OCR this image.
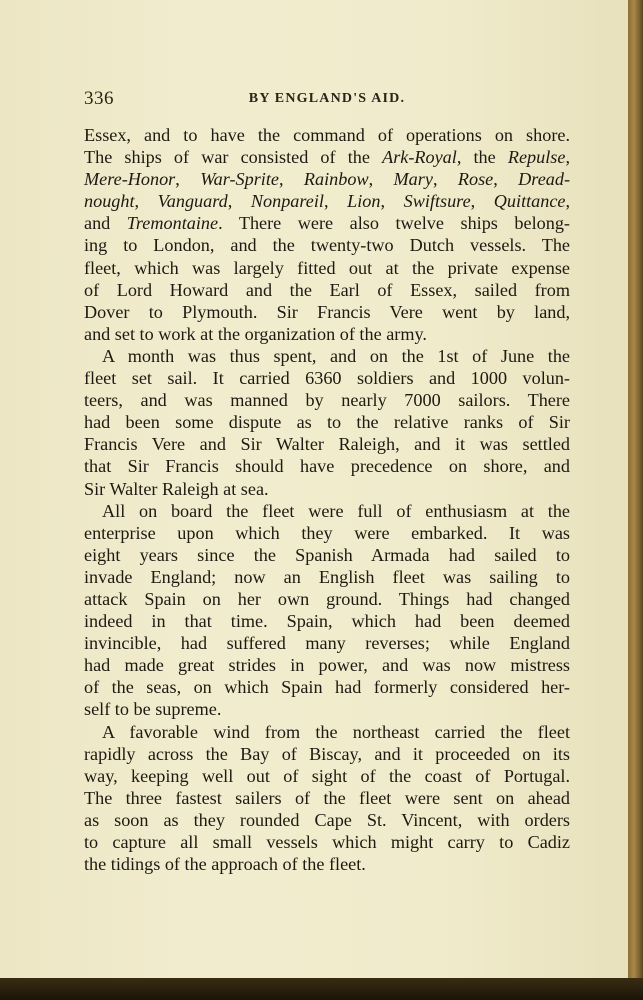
336	BY ENGLAND'S AID.
Essex, and to have the command of operations on shore.
The ships of war consisted of the Ark-Royal, the Repulse,
Mere-Honor, War-Sprite, Rainbow, Mary, Rose, Dread-
nought, Vanguard, Nonpareil, Lion, Swiftsure, Quittance,
and Tremontaine. There were also twelve ships belong-
ing to London, and the twenty-two Dutch vessels. The
fleet, which was largely fitted out at the private expense
of Lord Howard and the Earl of Essex, sailed from
Dover to Plymouth. Sir Francis Vere went by land,
and set to work at the organization of the army.
A month was thus spent, and on the 1st of June the
fleet set sail. It carried 6360 soldiers and 1000 volun-
teers, and was manned by nearly 7000 sailors. There
had been some dispute as to the relative ranks of Sir
Francis Vere and Sir Walter Raleigh, and it was settled
that Sir Francis should have precedence on shore, and
Sir Walter Raleigh at sea.
All on board the fleet were full of enthusiasm at the
enterprise upon which they were embarked. It was
eight years since the Spanish Armada had sailed to
invade England; now an English fleet was sailing to
attack Spain on her own ground. Things had changed
indeed in that time. Spain, which had been deemed
invincible, had suffered many reverses; while England
had made great strides in power, and was now mistress
of the seas, on which Spain had formerly considered her-
self to be supreme.
A favorable wind from the northeast carried the fleet
rapidly across the Bay of Biscay, and it proceeded on its
way, keeping well out of sight of the coast of Portugal.
The three fastest sailers of the fleet were sent on ahead
as soon as they rounded Cape St. Vincent, with orders
to capture all small vessels which might carry to Cadiz
the tidings of the approach of the fleet.
